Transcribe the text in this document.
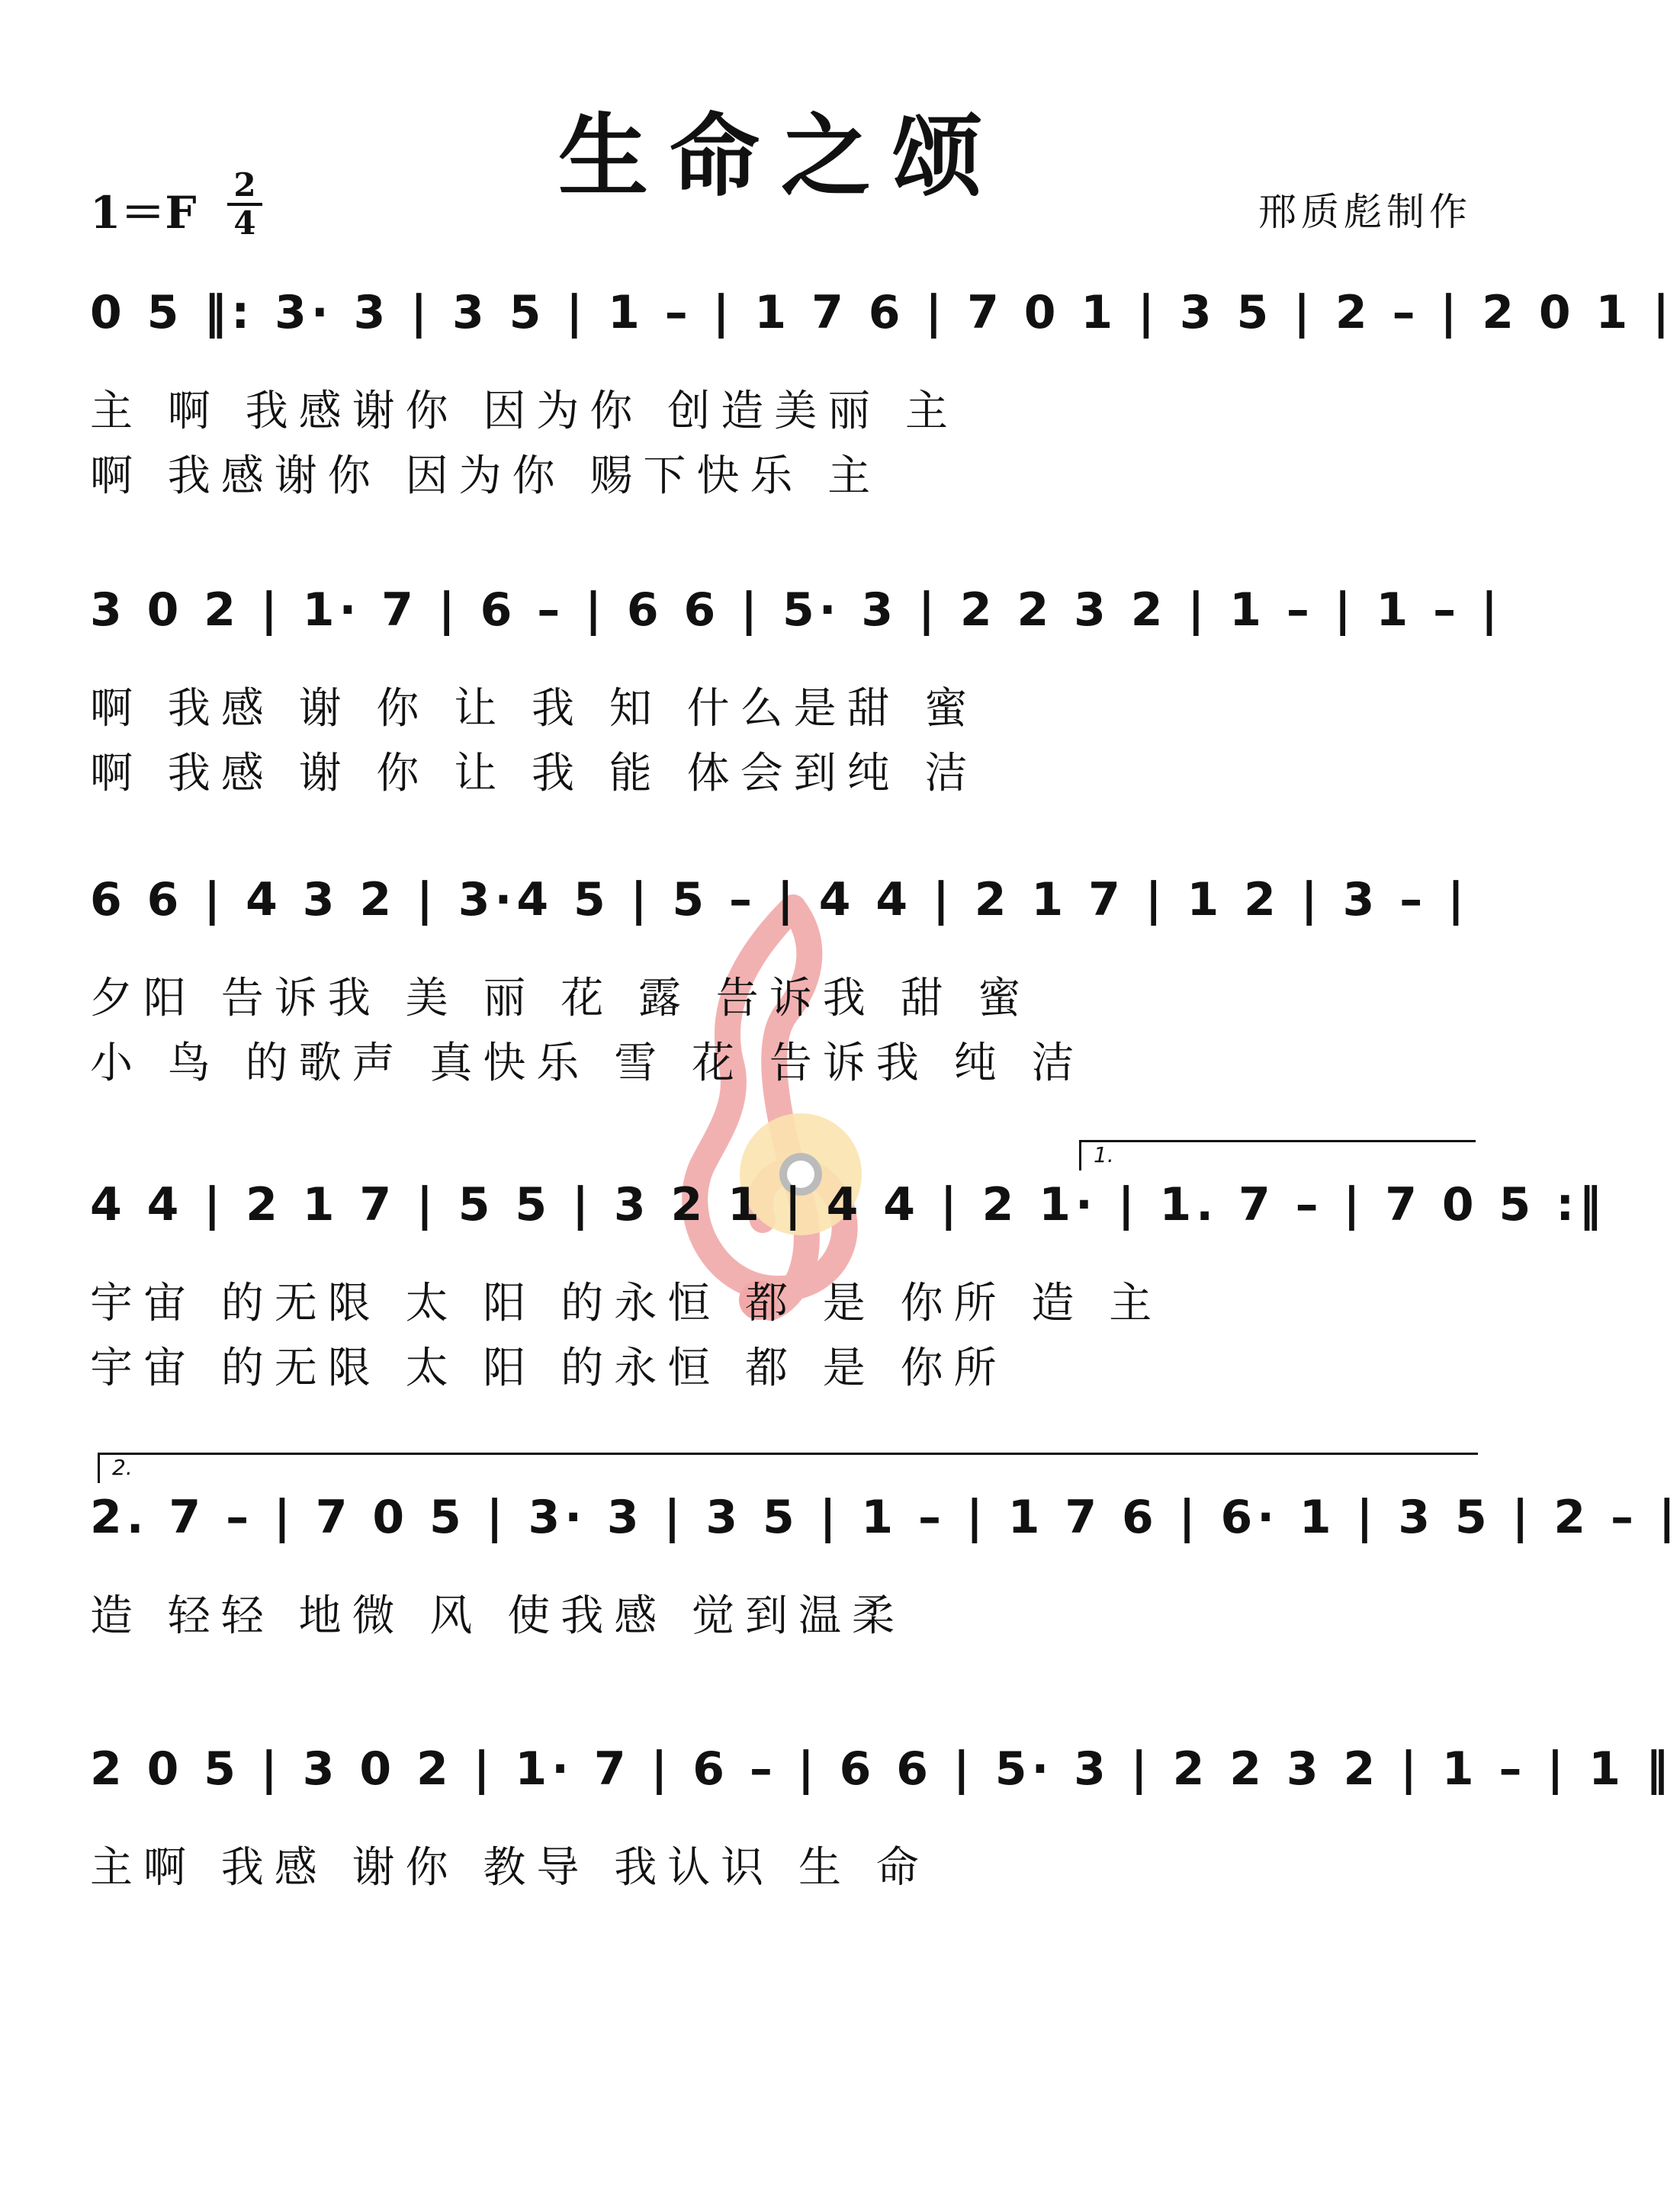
生命之颂
1＝F
2
4	邢质彪制作
0 5 ‖: 3· 3 | 3 5 | 1 – | 1 7 6 | 7 0 1 | 3 5 | 2 – | 2 0 1 |
主 啊 我感谢你 因为你 创造美丽 主
啊 我感谢你 因为你 赐下快乐 主
3 0 2 | 1· 7 | 6 – | 6 6 | 5· 3 | 2 2 3 2 | 1 – | 1 – |
啊 我感 谢 你 让 我 知 什么是甜 蜜
啊 我感 谢 你 让 我 能 体会到纯 洁
6 6 | 4 3 2 | 3·4 5 | 5 – | 4 4 | 2 1 7 | 1 2 | 3 – |
夕阳 告诉我 美 丽 花 露 告诉我 甜 蜜
小 鸟 的歌声 真快乐 雪 花 告诉我 纯 洁
4 4 | 2 1 7 | 5 5 | 3 2 1 | 4 4 | 2 1· | 1. 7 – | 7 0 5 :‖
宇宙 的无限 太 阳 的永恒 都 是 你所 造 主
宇宙 的无限 太 阳 的永恒 都 是 你所
2. 7 – | 7 0 5 | 3· 3 | 3 5 | 1 – | 1 7 6 | 6· 1 | 3 5 | 2 – |
造 轻轻 地微 风 使我感 觉到温柔
2 0 5 | 3 0 2 | 1· 7 | 6 – | 6 6 | 5· 3 | 2 2 3 2 | 1 – | 1 ‖
主啊 我感 谢你 教导 我认识 生 命
1.
2.
